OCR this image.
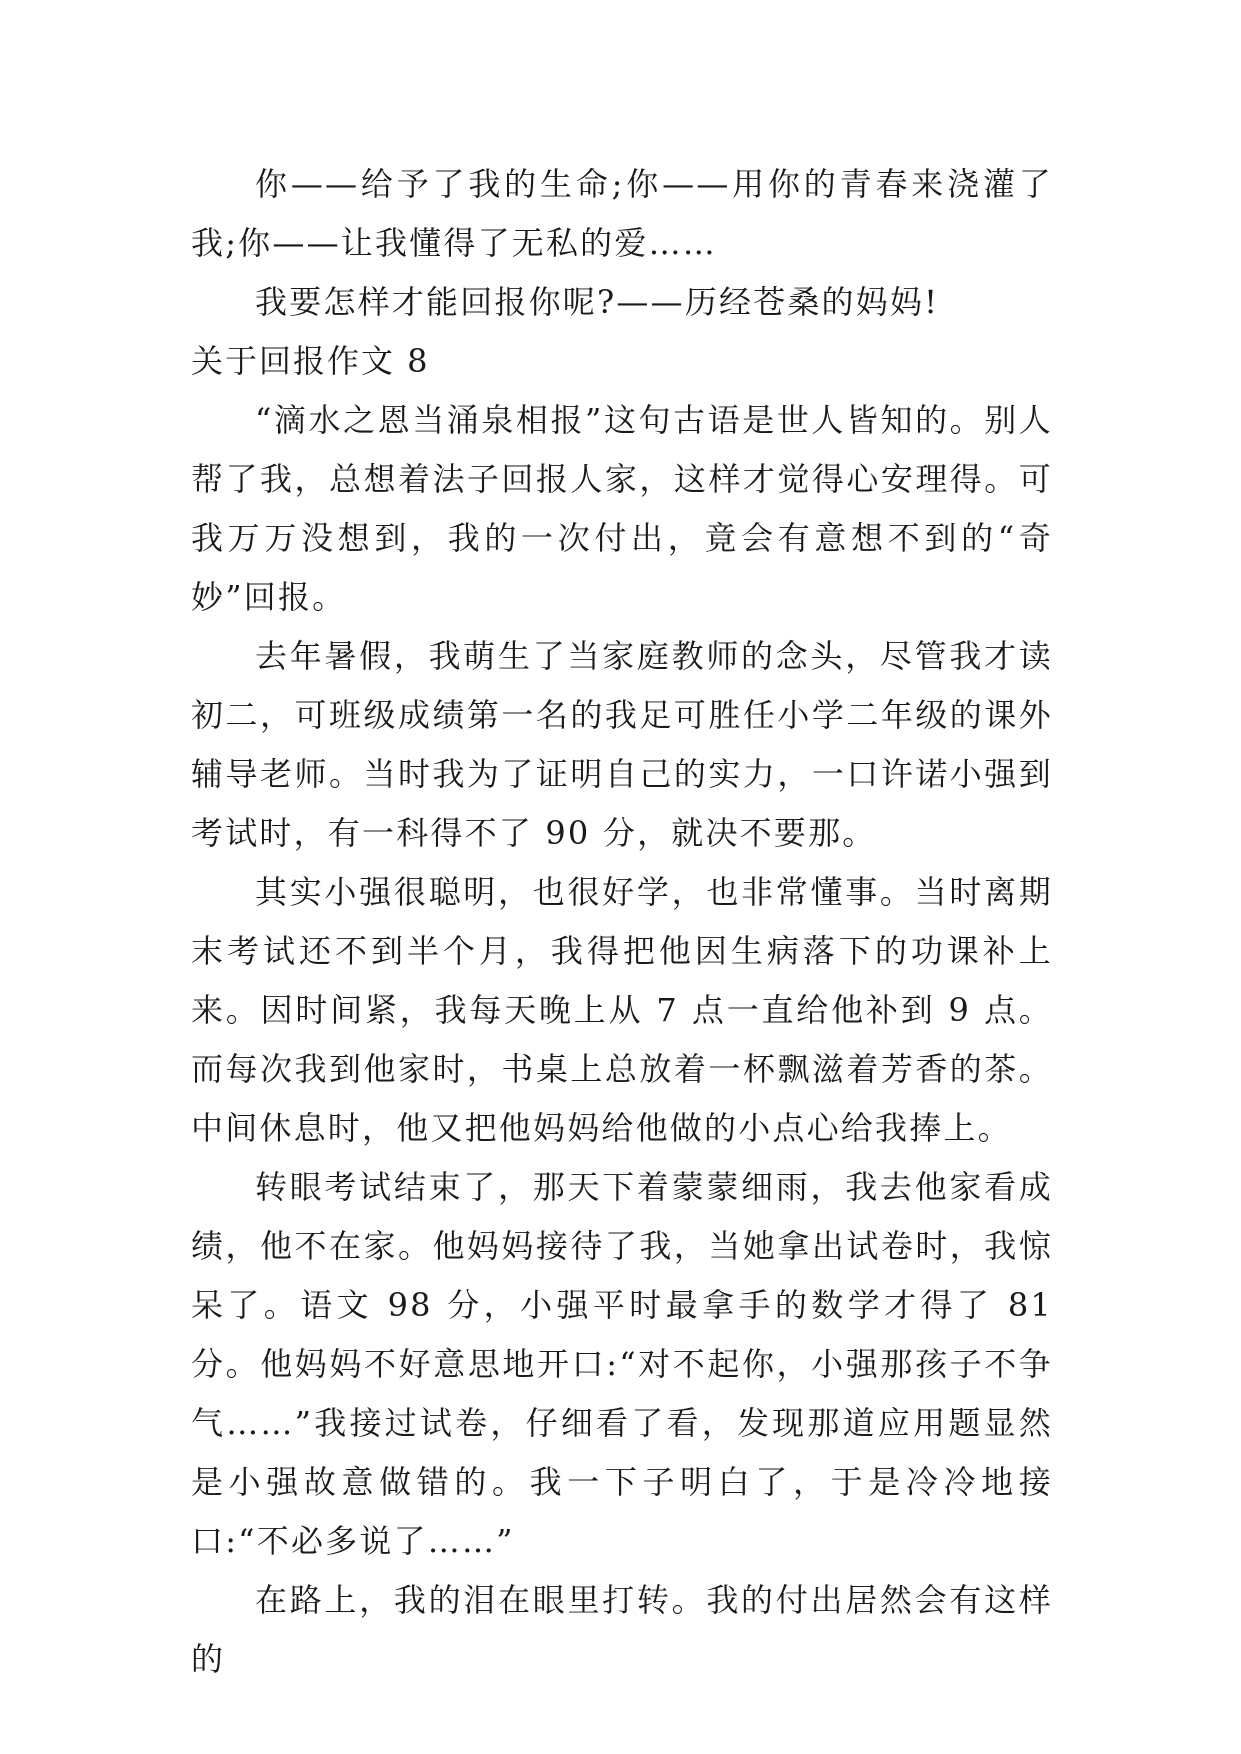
你——给予了我的生命;你——用你的青春来浇灌了我;你——让我懂得了无私的爱……

我要怎样才能回报你呢?——历经苍桑的妈妈!

关于回报作文 8

“滴水之恩当涌泉相报”这句古语是世人皆知的。别人帮了我，总想着法子回报人家，这样才觉得心安理得。可我万万没想到，我的一次付出，竟会有意想不到的“奇妙”回报。

去年暑假，我萌生了当家庭教师的念头，尽管我才读初二，可班级成绩第一名的我足可胜任小学二年级的课外辅导老师。当时我为了证明自己的实力，一口许诺小强到考试时，有一科得不了 90 分，就决不要那。

其实小强很聪明，也很好学，也非常懂事。当时离期末考试还不到半个月，我得把他因生病落下的功课补上来。因时间紧，我每天晚上从 7 点一直给他补到 9 点。而每次我到他家时，书桌上总放着一杯飘滋着芳香的茶。中间休息时，他又把他妈妈给他做的小点心给我捧上。

转眼考试结束了，那天下着蒙蒙细雨，我去他家看成绩，他不在家。他妈妈接待了我，当她拿出试卷时，我惊呆了。语文 98 分，小强平时最拿手的数学才得了 81 分。他妈妈不好意思地开口:“对不起你，小强那孩子不争气……”我接过试卷，仔细看了看，发现那道应用题显然是小强故意做错的。我一下子明白了，于是冷冷地接口:“不必多说了……”

在路上，我的泪在眼里打转。我的付出居然会有这样的
